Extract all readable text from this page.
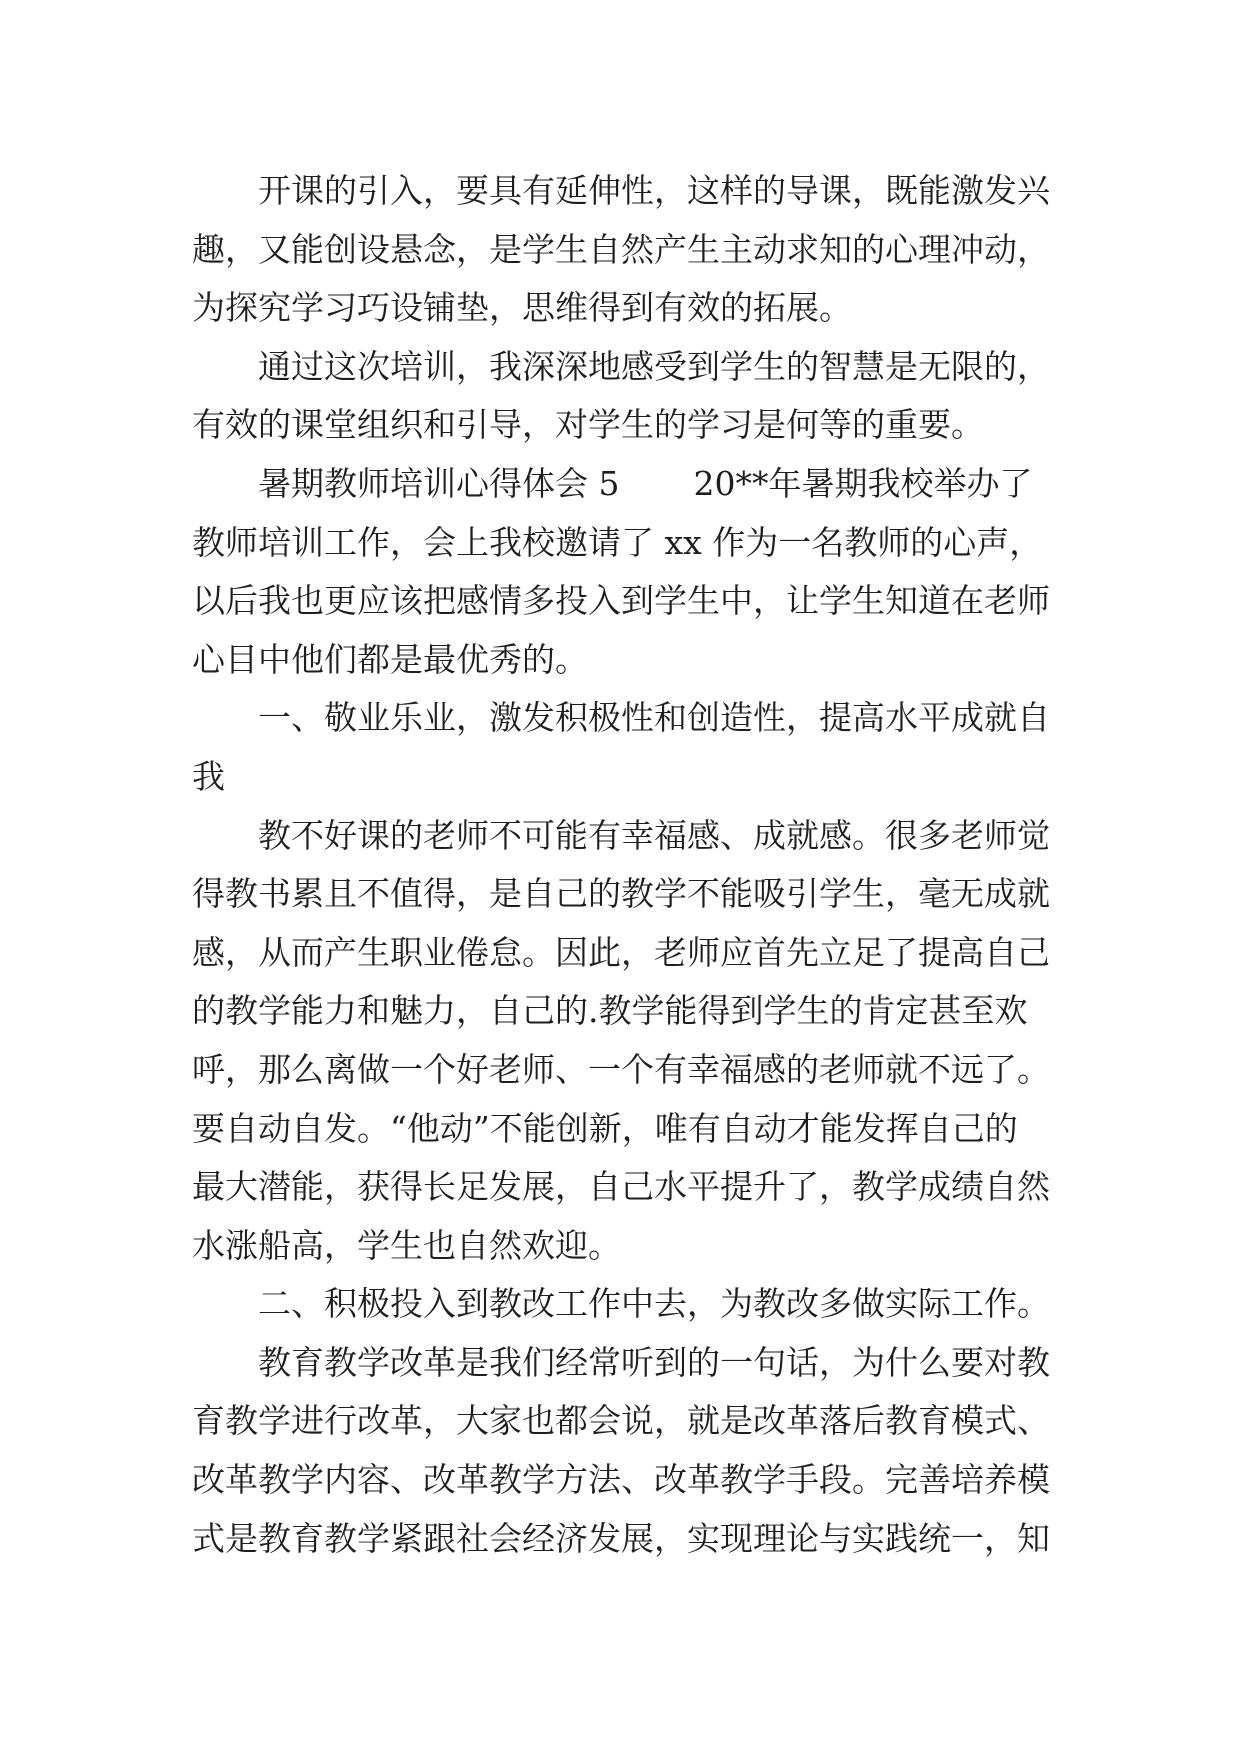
开课的引入，要具有延伸性，这样的导课，既能激发兴

趣，又能创设悬念，是学生自然产生主动求知的心理冲动，

为探究学习巧设铺垫，思维得到有效的拓展。

通过这次培训，我深深地感受到学生的智慧是无限的，

有效的课堂组织和引导，对学生的学习是何等的重要。

暑期教师培训心得体会 5 20**年暑期我校举办了

教师培训工作，会上我校邀请了 xx 作为一名教师的心声，

以后我也更应该把感情多投入到学生中，让学生知道在老师

心目中他们都是最优秀的。

一、敬业乐业，激发积极性和创造性，提高水平成就自

我

教不好课的老师不可能有幸福感、成就感。很多老师觉

得教书累且不值得，是自己的教学不能吸引学生，毫无成就

感，从而产生职业倦怠。因此，老师应首先立足了提高自己

的教学能力和魅力，自己的.教学能得到学生的肯定甚至欢

呼，那么离做一个好老师、一个有幸福感的老师就不远了。

要自动自发。“他动”不能创新，唯有自动才能发挥自己的

最大潜能，获得长足发展，自己水平提升了，教学成绩自然

水涨船高，学生也自然欢迎。

二、积极投入到教改工作中去，为教改多做实际工作。

教育教学改革是我们经常听到的一句话，为什么要对教

育教学进行改革，大家也都会说，就是改革落后教育模式、

改革教学内容、改革教学方法、改革教学手段。完善培养模

式是教育教学紧跟社会经济发展，实现理论与实践统一，知
